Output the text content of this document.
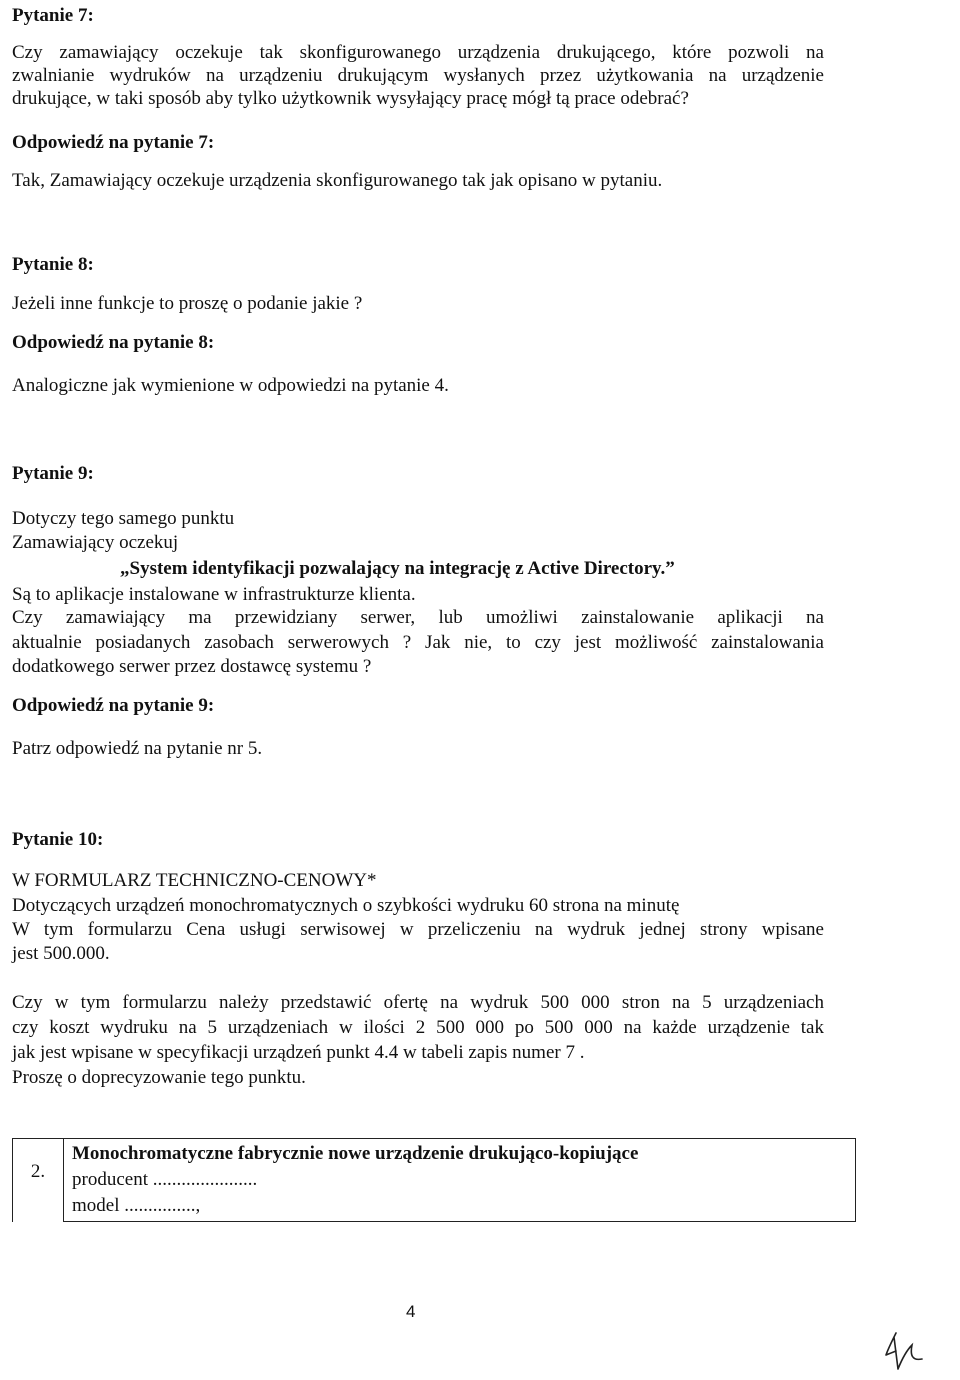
Pytanie 7:

Czy zamawiający oczekuje tak skonfigurowanego urządzenia drukującego, które pozwoli na

zwalnianie wydruków na urządzeniu drukującym wysłanych przez użytkowania na urządzenie

drukujące, w taki sposób aby tylko użytkownik wysyłający pracę mógł tą prace odebrać?

Odpowiedź na pytanie 7:

Tak, Zamawiający oczekuje urządzenia skonfigurowanego tak jak opisano w pytaniu.

Pytanie 8:

Jeżeli inne funkcje to proszę o podanie jakie ?

Odpowiedź na pytanie 8:

Analogiczne jak wymienione w odpowiedzi na pytanie 4.

Pytanie 9:

Dotyczy tego samego punktu

Zamawiający oczekuj

„System identyfikacji pozwalający na integrację z Active Directory.”

Są to aplikacje instalowane w infrastrukturze klienta.

Czy zamawiający ma przewidziany serwer, lub umożliwi zainstalowanie aplikacji na

aktualnie posiadanych zasobach serwerowych ? Jak nie, to czy jest możliwość zainstalowania

dodatkowego serwer przez dostawcę systemu ?

Odpowiedź na pytanie 9:

Patrz odpowiedź na pytanie nr 5.

Pytanie 10:

W FORMULARZ TECHNICZNO-CENOWY*

Dotyczących urządzeń monochromatycznych o szybkości wydruku 60 strona na minutę

W tym formularzu Cena usługi serwisowej w przeliczeniu na wydruk jednej strony wpisane

jest 500.000.

Czy w tym formularzu należy przedstawić ofertę na wydruk 500 000 stron na 5 urządzeniach

czy koszt wydruku na 5 urządzeniach w ilości 2 500 000 po 500 000 na każde urządzenie tak

jak jest wpisane w specyfikacji urządzeń punkt 4.4 w tabeli zapis numer 7 .

Proszę o doprecyzowanie tego punktu.

2.	
Monochromatyczne fabrycznie nowe urządzenie drukująco-kopiujące
producent ......................
model ...............,
4
